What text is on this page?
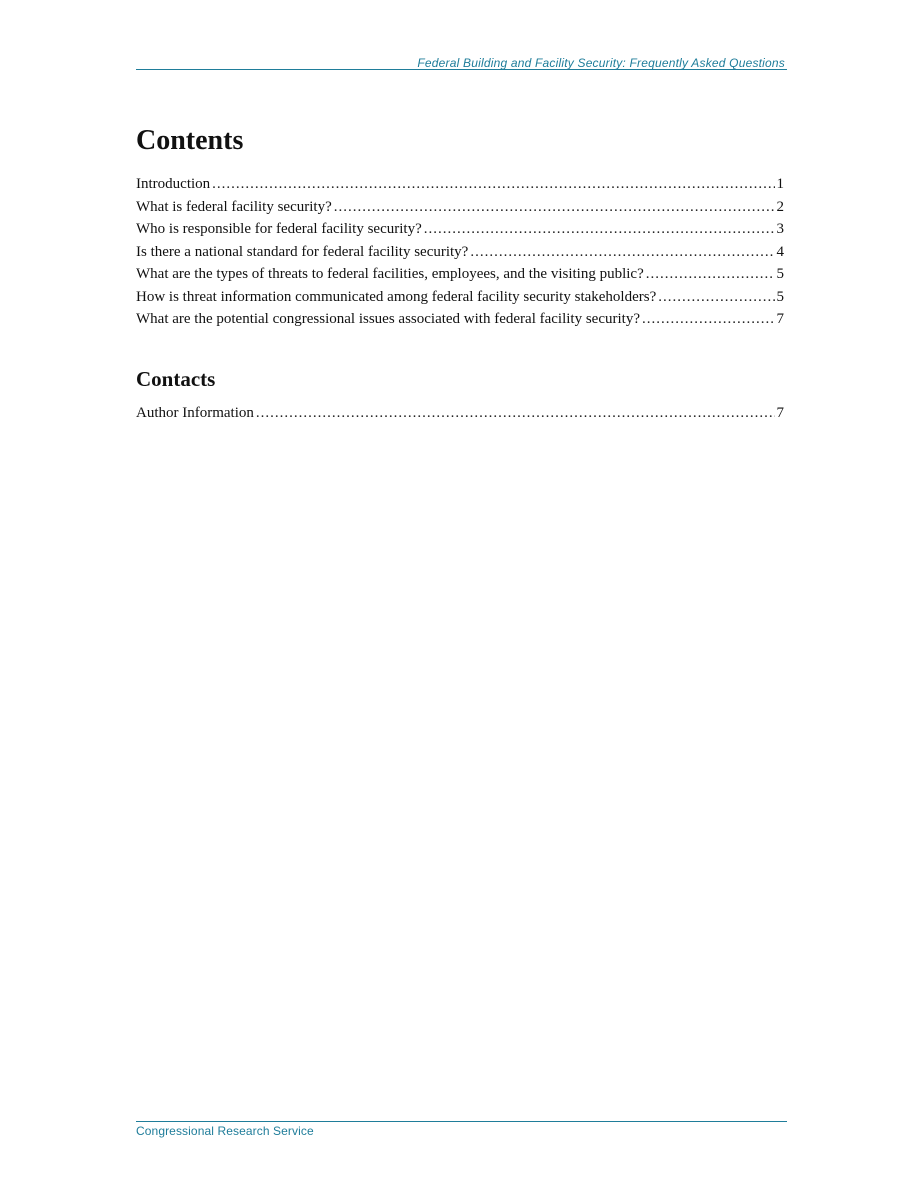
Federal Building and Facility Security: Frequently Asked Questions
Contents
Introduction .....	1
What is federal facility security? .....	2
Who is responsible for federal facility security? .....	3
Is there a national standard for federal facility security? .....	4
What are the types of threats to federal facilities, employees, and the visiting public? .....	5
How is threat information communicated among federal facility security stakeholders? .....	5
What are the potential congressional issues associated with federal facility security? .....	7
Contacts
Author Information .....	7
Congressional Research Service
